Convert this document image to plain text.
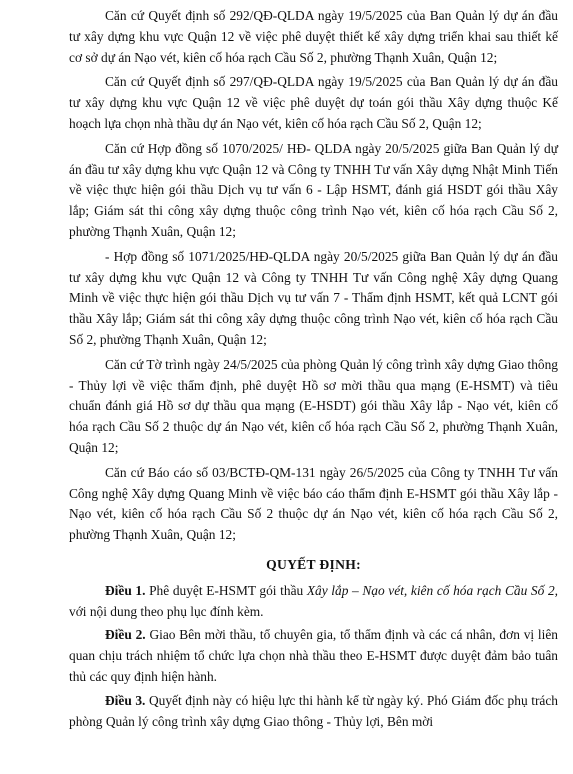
Căn cứ Quyết định số 292/QĐ-QLDA ngày 19/5/2025 của Ban Quản lý dự án đầu tư xây dựng khu vực Quận 12 về việc phê duyệt thiết kế xây dựng triển khai sau thiết kế cơ sở dự án Nạo vét, kiên cố hóa rạch Cầu Số 2, phường Thạnh Xuân, Quận 12;

Căn cứ Quyết định số 297/QĐ-QLDA ngày 19/5/2025 của Ban Quản lý dự án đầu tư xây dựng khu vực Quận 12 về việc phê duyệt dự toán gói thầu Xây dựng thuộc Kế hoạch lựa chọn nhà thầu dự án Nạo vét, kiên cố hóa rạch Cầu Số 2, Quận 12;

Căn cứ Hợp đồng số 1070/2025/ HĐ- QLDA ngày 20/5/2025 giữa Ban Quản lý dự án đầu tư xây dựng khu vực Quận 12 và Công ty TNHH Tư vấn Xây dựng Nhật Minh Tiến về việc thực hiện gói thầu Dịch vụ tư vấn 6 - Lập HSMT, đánh giá HSDT gói thầu Xây lắp; Giám sát thi công xây dựng thuộc công trình Nạo vét, kiên cố hóa rạch Cầu Số 2, phường Thạnh Xuân, Quận 12;

- Hợp đồng số 1071/2025/HĐ-QLDA ngày 20/5/2025 giữa Ban Quản lý dự án đầu tư xây dựng khu vực Quận 12 và Công ty TNHH Tư vấn Công nghệ Xây dựng Quang Minh về việc thực hiện gói thầu Dịch vụ tư vấn 7 - Thẩm định HSMT, kết quả LCNT gói thầu Xây lắp; Giám sát thi công xây dựng thuộc công trình Nạo vét, kiên cố hóa rạch Cầu Số 2, phường Thạnh Xuân, Quận 12;

Căn cứ Tờ trình ngày 24/5/2025 của phòng Quản lý công trình xây dựng Giao thông - Thủy lợi về việc thẩm định, phê duyệt Hồ sơ mời thầu qua mạng (E-HSMT) và tiêu chuẩn đánh giá Hồ sơ dự thầu qua mạng (E-HSDT) gói thầu Xây lắp - Nạo vét, kiên cố hóa rạch Cầu Số 2 thuộc dự án Nạo vét, kiên cố hóa rạch Cầu Số 2, phường Thạnh Xuân, Quận 12;

Căn cứ Báo cáo số 03/BCTĐ-QM-131 ngày 26/5/2025 của Công ty TNHH Tư vấn Công nghệ Xây dựng Quang Minh về việc báo cáo thẩm định E-HSMT gói thầu Xây lắp - Nạo vét, kiên cố hóa rạch Cầu Số 2 thuộc dự án Nạo vét, kiên cố hóa rạch Cầu Số 2, phường Thạnh Xuân, Quận 12;

QUYẾT ĐỊNH:

Điều 1. Phê duyệt E-HSMT gói thầu Xây lắp – Nạo vét, kiên cố hóa rạch Cầu Số 2, với nội dung theo phụ lục đính kèm.

Điều 2. Giao Bên mời thầu, tổ chuyên gia, tổ thẩm định và các cá nhân, đơn vị liên quan chịu trách nhiệm tổ chức lựa chọn nhà thầu theo E-HSMT được duyệt đảm bảo tuân thủ các quy định hiện hành.

Điều 3. Quyết định này có hiệu lực thi hành kể từ ngày ký. Phó Giám đốc phụ trách phòng Quản lý công trình xây dựng Giao thông - Thủy lợi, Bên mời
